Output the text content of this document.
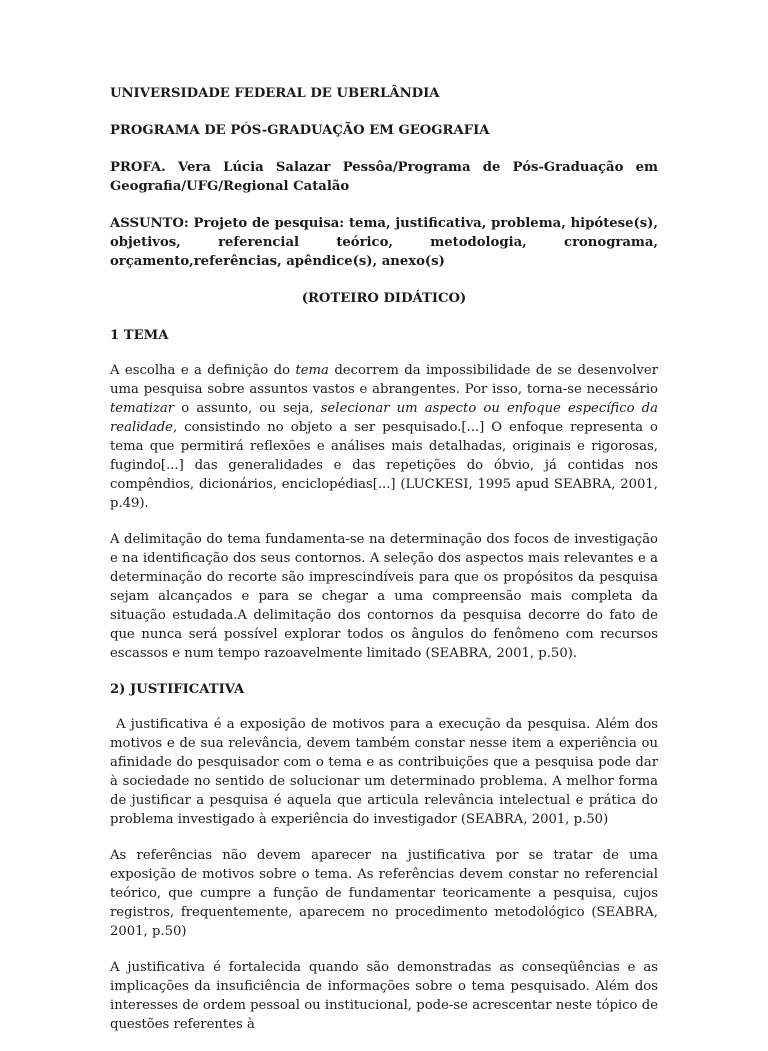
UNIVERSIDADE FEDERAL DE UBERLÂNDIA
PROGRAMA DE PÓS-GRADUAÇÃO EM GEOGRAFIA
PROFA. Vera Lúcia Salazar Pessôa/Programa de Pós-Graduação em Geografia/UFG/Regional Catalão
ASSUNTO: Projeto de pesquisa: tema, justificativa, problema, hipótese(s), objetivos, referencial teórico, metodologia, cronograma, orçamento,referências, apêndice(s), anexo(s)
(ROTEIRO DIDÁTICO)
1 TEMA

A escolha e a definição do tema decorrem da impossibilidade de se desenvolver uma pesquisa sobre assuntos vastos e abrangentes. Por isso, torna-se necessário tematizar o assunto, ou seja, selecionar um aspecto ou enfoque específico da realidade, consistindo no objeto a ser pesquisado.[...] O enfoque representa o tema que permitirá reflexões e análises mais detalhadas, originais e rigorosas, fugindo[...] das generalidades e das repetições do óbvio, já contidas nos compêndios, dicionários, enciclopédias[...] (LUCKESI, 1995 apud SEABRA, 2001, p.49).

A delimitação do tema fundamenta-se na determinação dos focos de investigação e na identificação dos seus contornos. A seleção dos aspectos mais relevantes e a determinação do recorte são imprescindíveis para que os propósitos da pesquisa sejam alcançados e para se chegar a uma compreensão mais completa da situação estudada.A delimitação dos contornos da pesquisa decorre do fato de que nunca será possível explorar todos os ângulos do fenômeno com recursos escassos e num tempo razoavelmente limitado (SEABRA, 2001, p.50).

2) JUSTIFICATIVA

A justificativa é a exposição de motivos para a execução da pesquisa. Além dos motivos e de sua relevância, devem também constar nesse item a experiência ou afinidade do pesquisador com o tema e as contribuições que a pesquisa pode dar à sociedade no sentido de solucionar um determinado problema. A melhor forma de justificar a pesquisa é aquela que articula relevância intelectual e prática do problema investigado à experiência do investigador (SEABRA, 2001, p.50)

As referências não devem aparecer na justificativa por se tratar de uma exposição de motivos sobre o tema. As referências devem constar no referencial teórico, que cumpre a função de fundamentar teoricamente a pesquisa, cujos registros, frequentemente, aparecem no procedimento metodológico (SEABRA, 2001, p.50)

A justificativa é fortalecida quando são demonstradas as conseqüências e as implicações da insuficiência de informações sobre o tema pesquisado. Além dos interesses de ordem pessoal ou institucional, pode-se acrescentar neste tópico de questões referentes à
